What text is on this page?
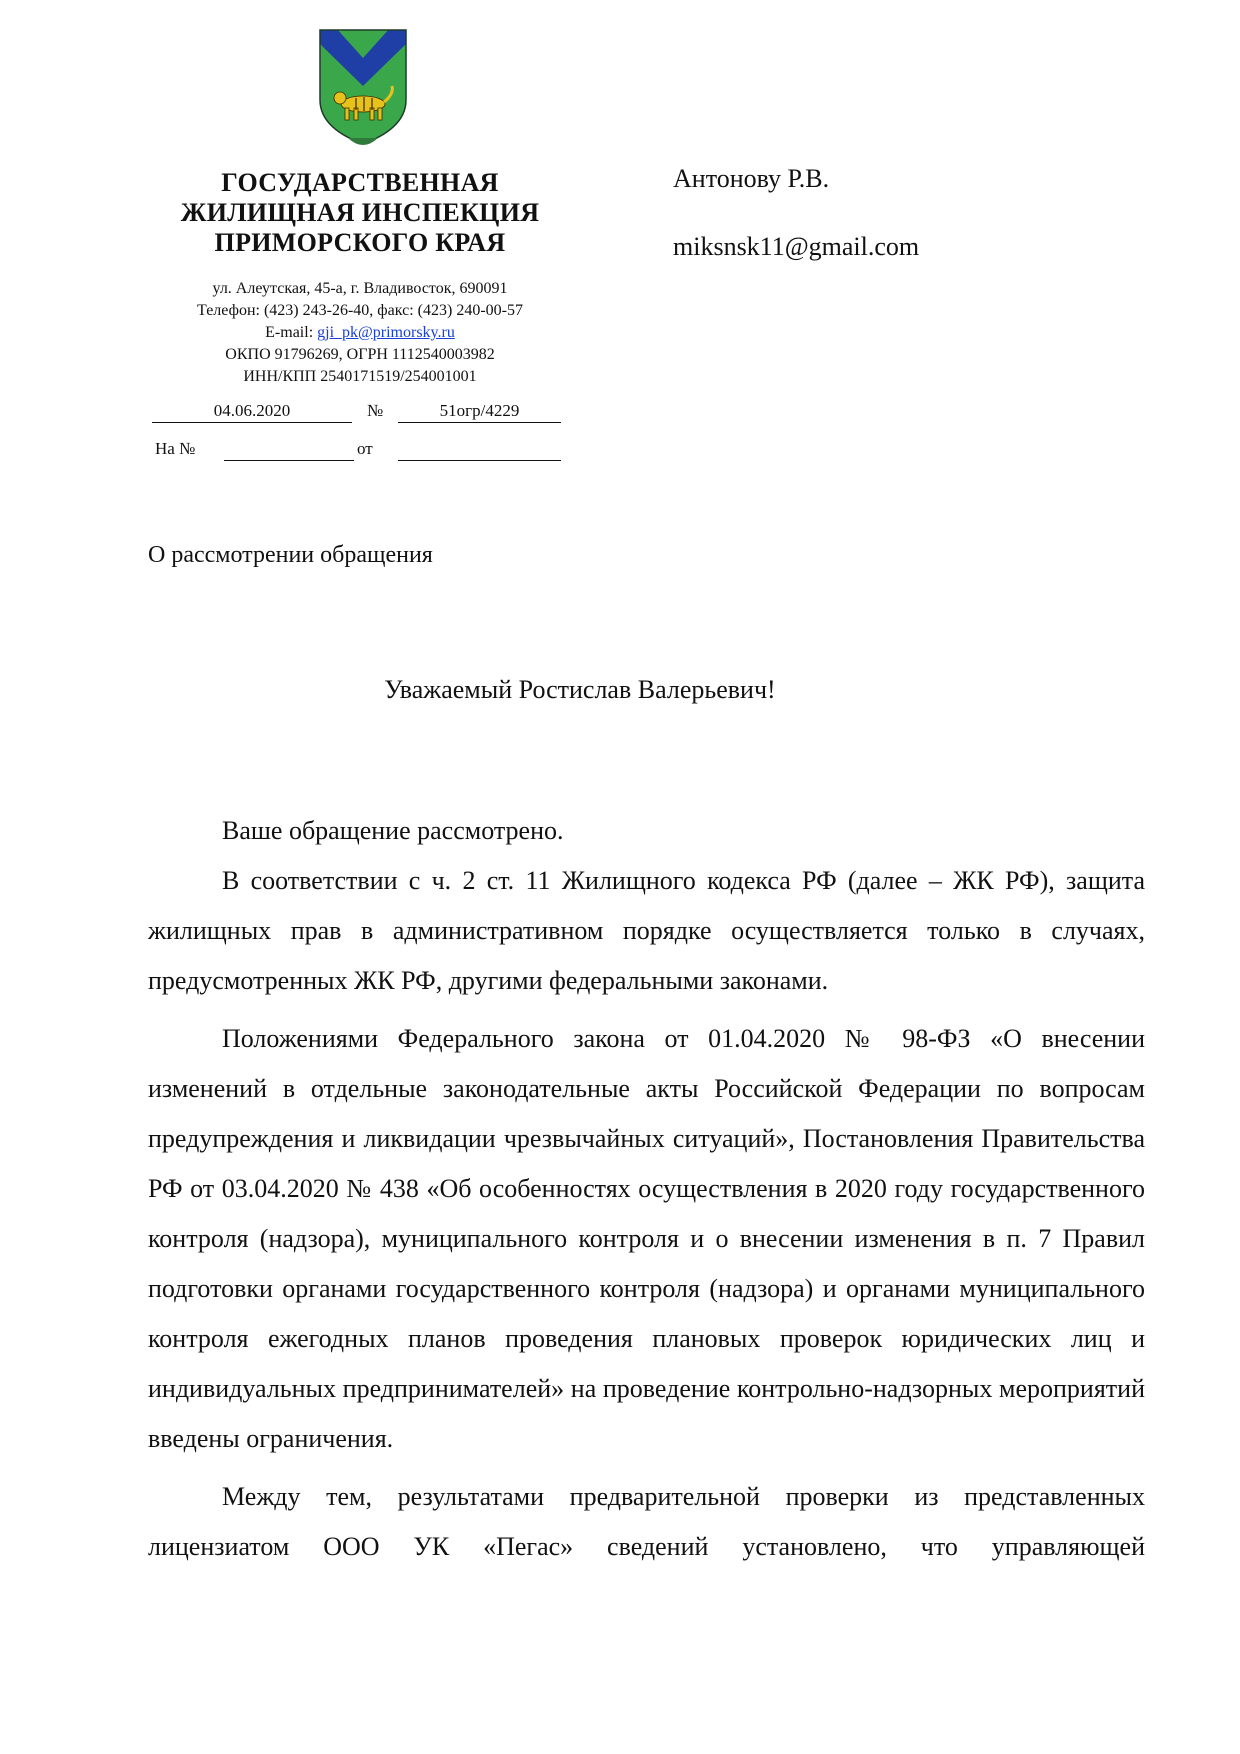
ГОСУДАРСТВЕННАЯ
ЖИЛИЩНАЯ ИНСПЕКЦИЯ
ПРИМОРСКОГО КРАЯ
ул. Алеутская, 45-а, г. Владивосток, 690091
Телефон: (423) 243-26-40, факс: (423) 240-00-57
E-mail: gji_pk@primorsky.ru
ОКПО 91796269, ОГРН 1112540003982
ИНН/КПП 2540171519/254001001
04.06.2020	№	51огр/4229
На №	от
Антонову Р.В.
miksnsk11@gmail.com
О рассмотрении обращения
Уважаемый Ростислав Валерьевич!

Ваше обращение рассмотрено.

В соответствии с ч. 2 ст. 11 Жилищного кодекса РФ (далее – ЖК РФ), защита жилищных прав в административном порядке осуществляется только в случаях, предусмотренных ЖК РФ, другими федеральными законами.

Положениями Федерального закона от 01.04.2020 № 98-ФЗ «О внесении изменений в отдельные законодательные акты Российской Федерации по вопросам предупреждения и ликвидации чрезвычайных ситуаций», Постановления Правительства РФ от 03.04.2020 № 438 «Об особенностях осуществления в 2020 году государственного контроля (надзора), муниципального контроля и о внесении изменения в п. 7 Правил подготовки органами государственного контроля (надзора) и органами муниципального контроля ежегодных планов проведения плановых проверок юридических лиц и индивидуальных предпринимателей» на проведение контрольно-надзорных мероприятий введены ограничения.

Между тем, результатами предварительной проверки из представленных лицензиатом ООО УК «Пегас» сведений установлено, что управляющей
